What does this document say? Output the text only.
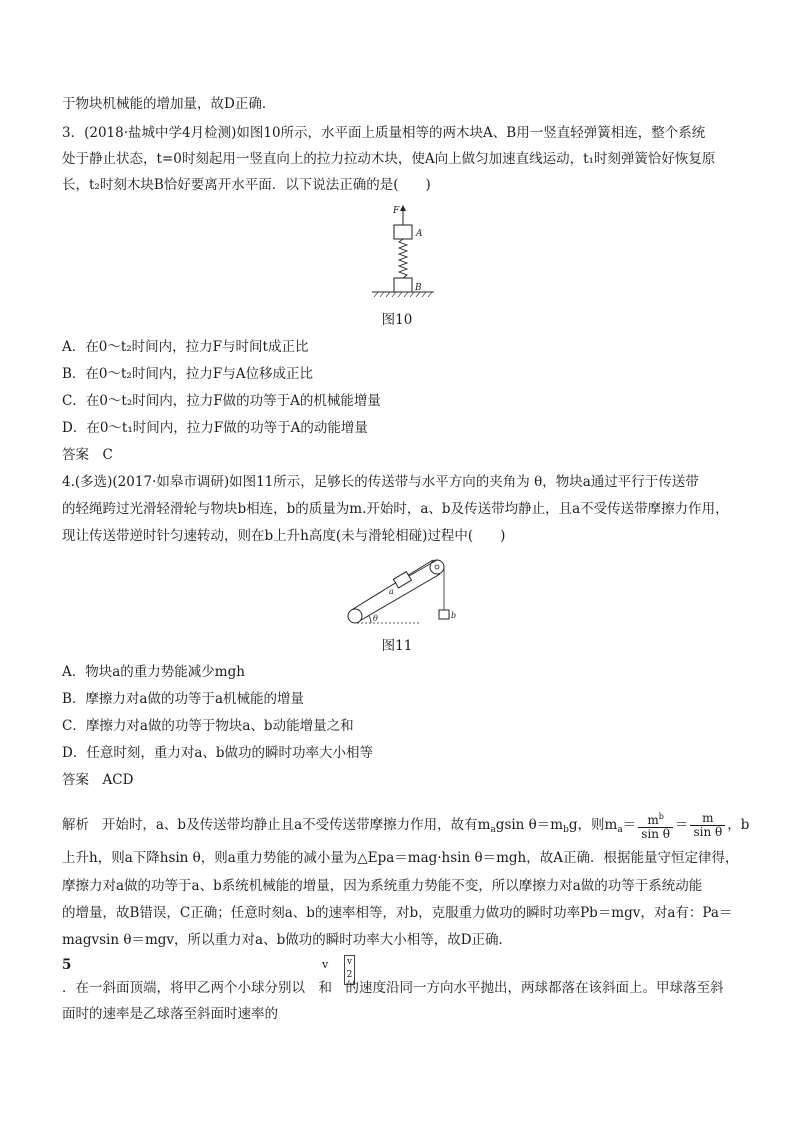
于物块机械能的增加量，故D正确．
3．(2018·盐城中学4月检测)如图10所示，水平面上质量相等的两木块A、B用一竖直轻弹簧相连，整个系统
处于静止状态，t=0时刻起用一竖直向上的拉力拉动木块，使A向上做匀加速直线运动，t₁时刻弹簧恰好恢复原
长，t₂时刻木块B恰好要离开水平面．以下说法正确的是(　　)
F
A
B
图10
A．在0～t₂时间内，拉力F与时间t成正比
B．在0～t₂时间内，拉力F与A位移成正比
C．在0～t₂时间内，拉力F做的功等于A的机械能增量
D．在0～t₁时间内，拉力F做的功等于A的动能增量
答案　C
4.(多选)(2017·如皋市调研)如图11所示，足够长的传送带与水平方向的夹角为 θ，物块a通过平行于传送带
的轻绳跨过光滑轻滑轮与物块b相连，b的质量为m.开始时，a、b及传送带均静止，且a不受传送带摩擦力作用，
现让传送带逆时针匀速转动，则在b上升h高度(未与滑轮相碰)过程中(　　)
a
b
θ
图11
A．物块a的重力势能减少mgh
B．摩擦力对a做的功等于a机械能的增量
C．摩擦力对a做的功等于物块a、b动能增量之和
D．任意时刻，重力对a、b做功的瞬时功率大小相等
答案　ACD
解析 开始时，a、b及传送带均静止且a不受传送带摩擦力作用，故有$m_agsin$ $\theta=m_bg$，则$m_a= \frac{m^b}{\text{sin θ}} = \frac{m}{\text{sin θ}}$ ，b
上升h，则a下降hsin θ，则a重力势能的减小量为△Epa＝mag·hsin θ＝mgh，故A正确．根据能量守恒定律得，
摩擦力对a做的功等于a、b系统机械能的增量，因为系统重力势能不变，所以摩擦力对a做的功等于系统动能
的增量，故B错误，C正确；任意时刻a、b的速率相等，对b，克服重力做功的瞬时功率Pb＝mgv，对a有：Pa＝
magvsin θ＝mgv，所以重力对a、b做功的瞬时功率大小相等，故D正确．
5	v v
2
．在一斜面顶端，将甲乙两个小球分别以　和　的速度沿同一方向水平抛出，两球都落在该斜面上。甲球落至斜
面时的速率是乙球落至斜面时速率的
